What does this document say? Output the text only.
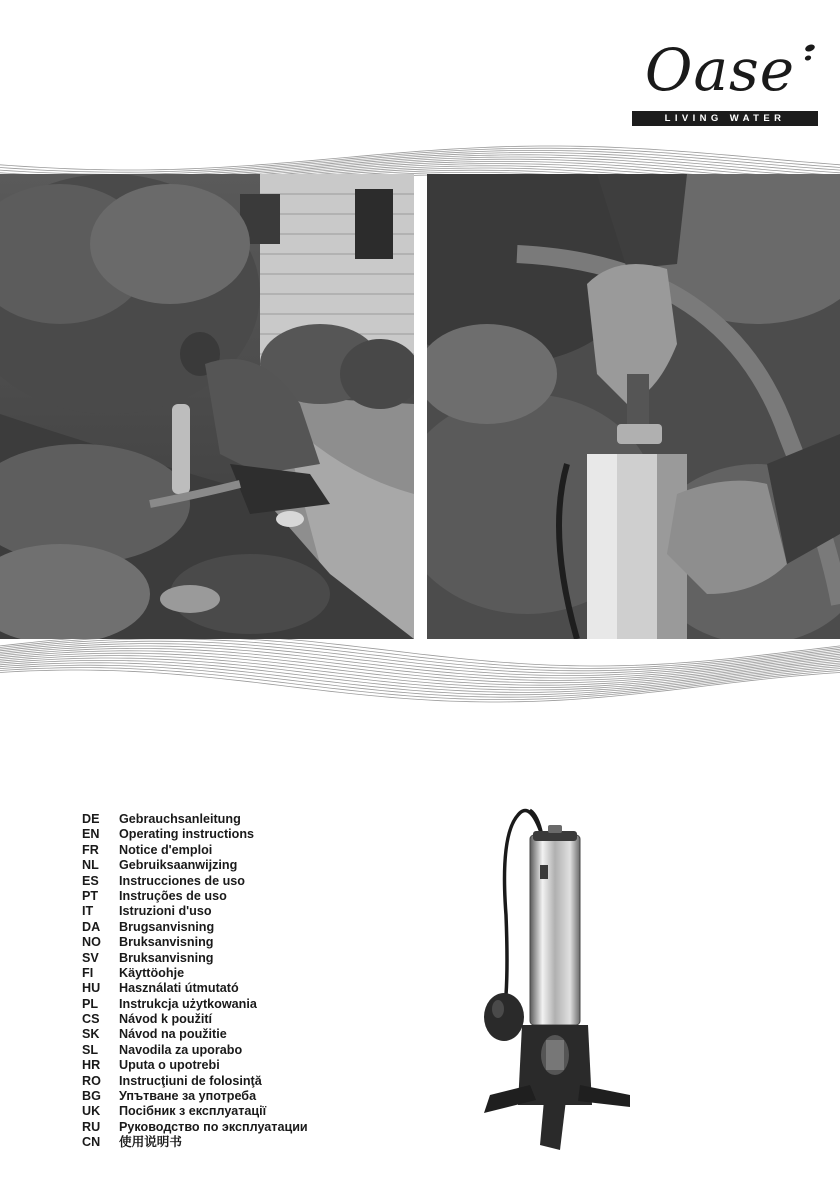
Oase
LIVING WATER
DE	Gebrauchsanleitung
EN	Operating instructions
FR	Notice d'emploi
NL	Gebruiksaanwijzing
ES	Instrucciones de uso
PT	Instruções de uso
IT	Istruzioni d'uso
DA	Brugsanvisning
NO	Bruksanvisning
SV	Bruksanvisning
FI	Käyttöohje
HU	Használati útmutató
PL	Instrukcja użytkowania
CS	Návod k použití
SK	Návod na použitie
SL	Navodila za uporabo
HR	Uputa o upotrebi
RO	Instrucţiuni de folosinţă
BG	Упътване за употреба
UK	Посібник з експлуатації
RU	Руководство по эксплуатации
CN	使用说明书
